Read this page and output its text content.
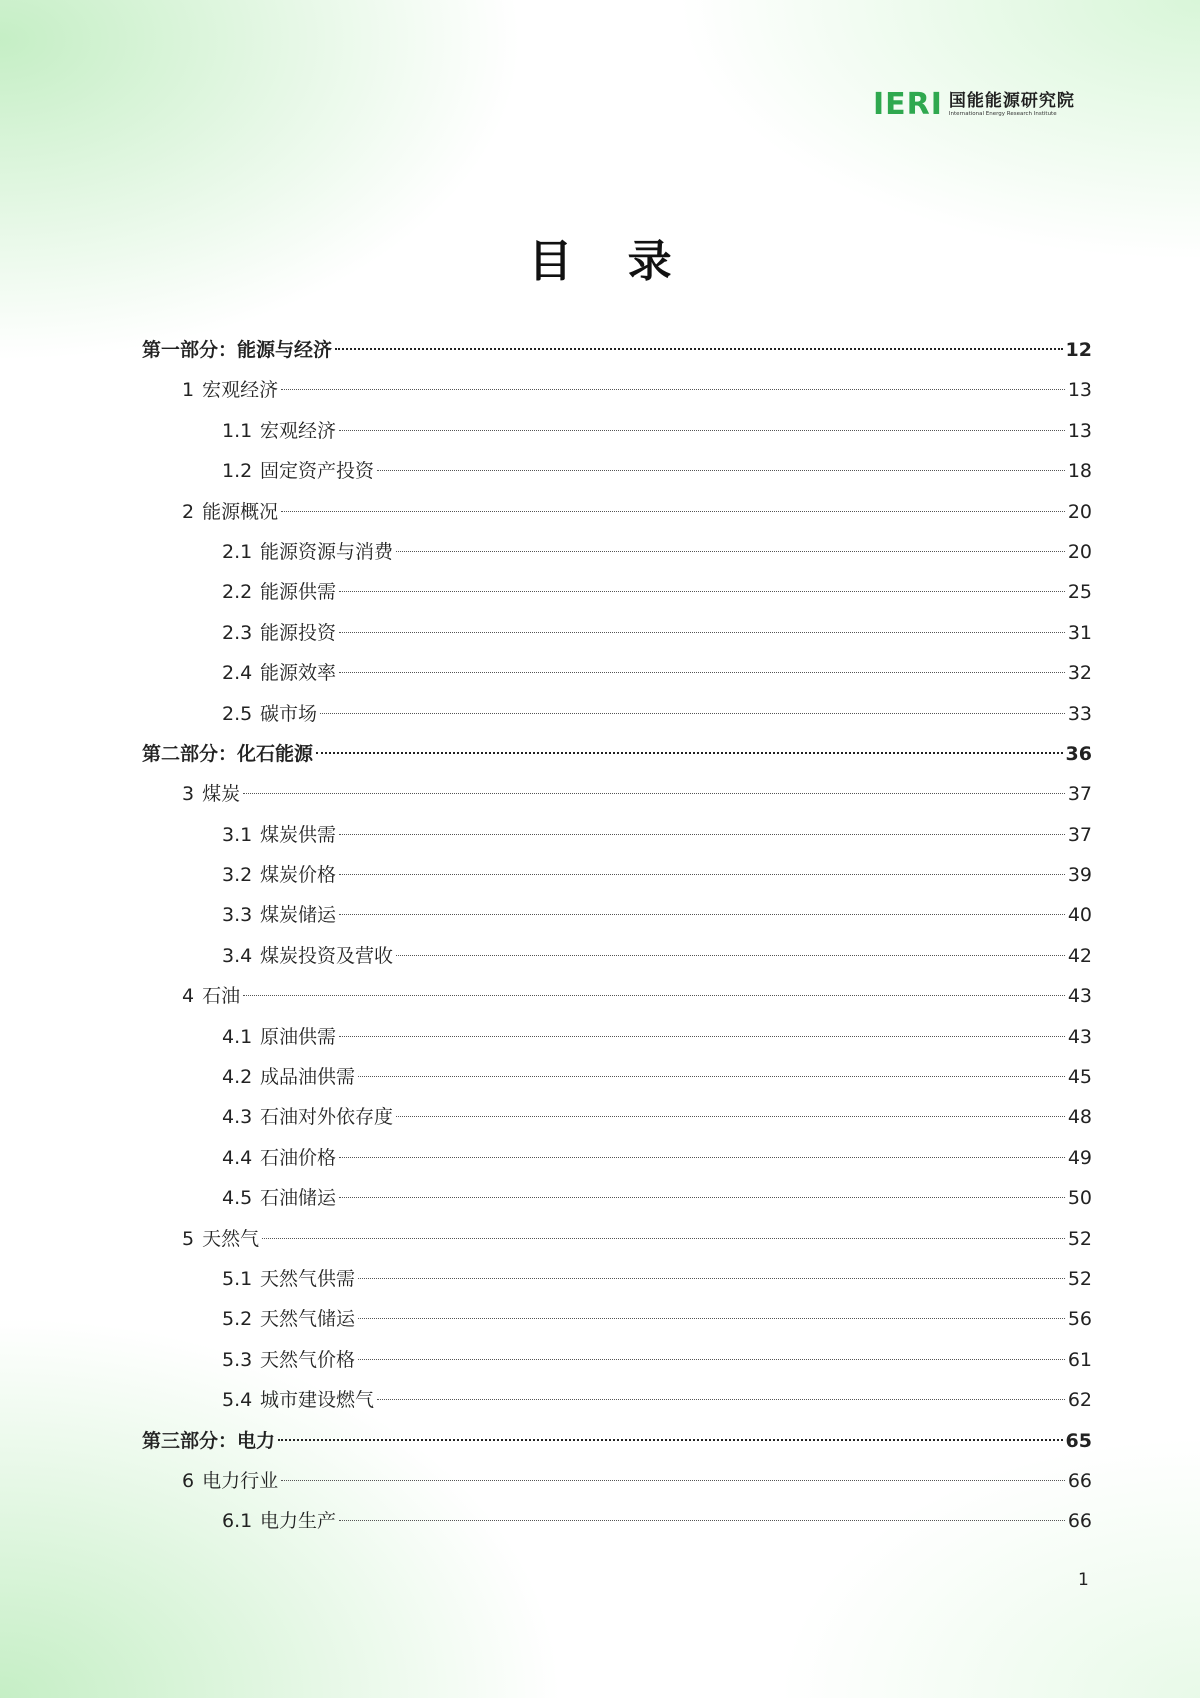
IERI 国能能源研究院
International Energy Research Institute
目 录
第一部分：能源与经济	12
1 宏观经济	13
1.1 宏观经济	13
1.2 固定资产投资	18
2 能源概况	20
2.1 能源资源与消费	20
2.2 能源供需	25
2.3 能源投资	31
2.4 能源效率	32
2.5 碳市场	33
第二部分：化石能源	36
3 煤炭	37
3.1 煤炭供需	37
3.2 煤炭价格	39
3.3 煤炭储运	40
3.4 煤炭投资及营收	42
4 石油	43
4.1 原油供需	43
4.2 成品油供需	45
4.3 石油对外依存度	48
4.4 石油价格	49
4.5 石油储运	50
5 天然气	52
5.1 天然气供需	52
5.2 天然气储运	56
5.3 天然气价格	61
5.4 城市建设燃气	62
第三部分：电力	65
6 电力行业	66
6.1 电力生产	66
1
